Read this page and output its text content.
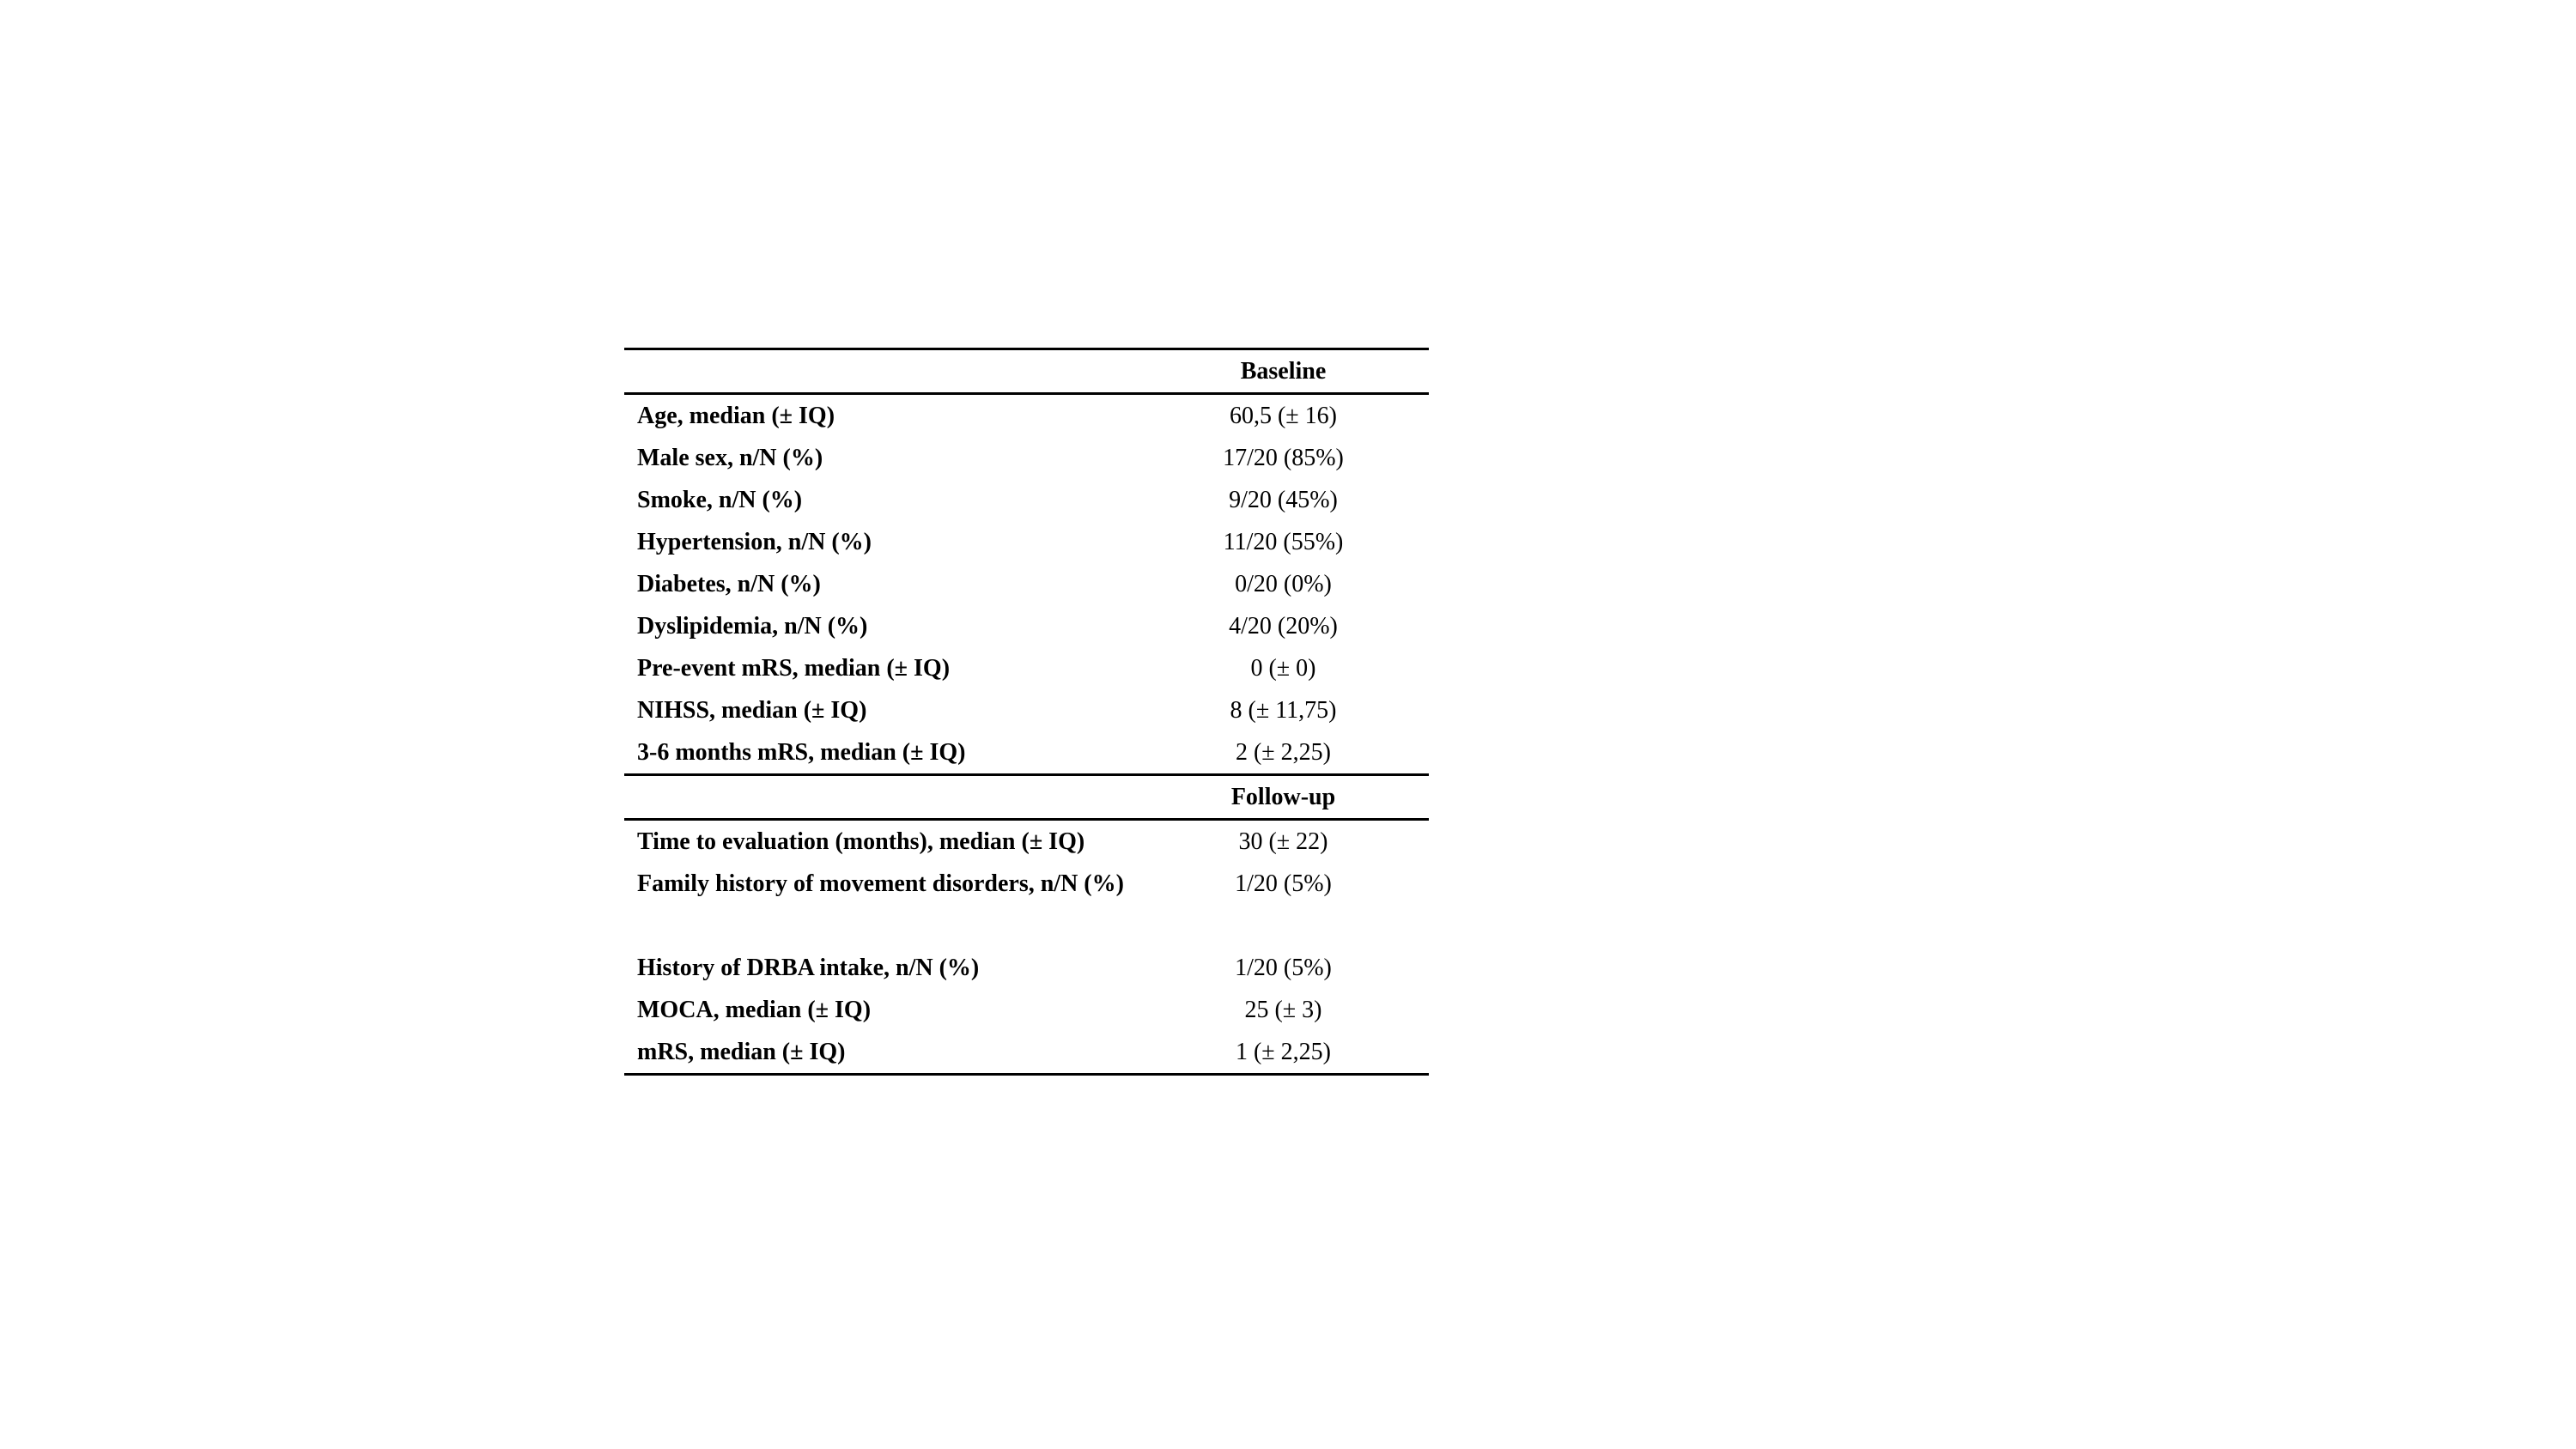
	Baseline
Age, median (± IQ)	60,5 (± 16)
Male sex, n/N (%)	17/20 (85%)
Smoke, n/N (%)	9/20 (45%)
Hypertension, n/N (%)	11/20 (55%)
Diabetes, n/N (%)	0/20 (0%)
Dyslipidemia, n/N (%)	4/20 (20%)
Pre-event mRS, median (± IQ)	0 (± 0)
NIHSS, median (± IQ)	8 (± 11,75)
3-6 months mRS, median (± IQ)	2 (± 2,25)
	Follow-up
Time to evaluation (months), median (± IQ)	30 (± 22)
Family history of movement disorders, n/N (%)	1/20 (5%)
History of DRBA intake, n/N (%)	1/20 (5%)
MOCA, median (± IQ)	25 (± 3)
mRS, median (± IQ)	1 (± 2,25)
